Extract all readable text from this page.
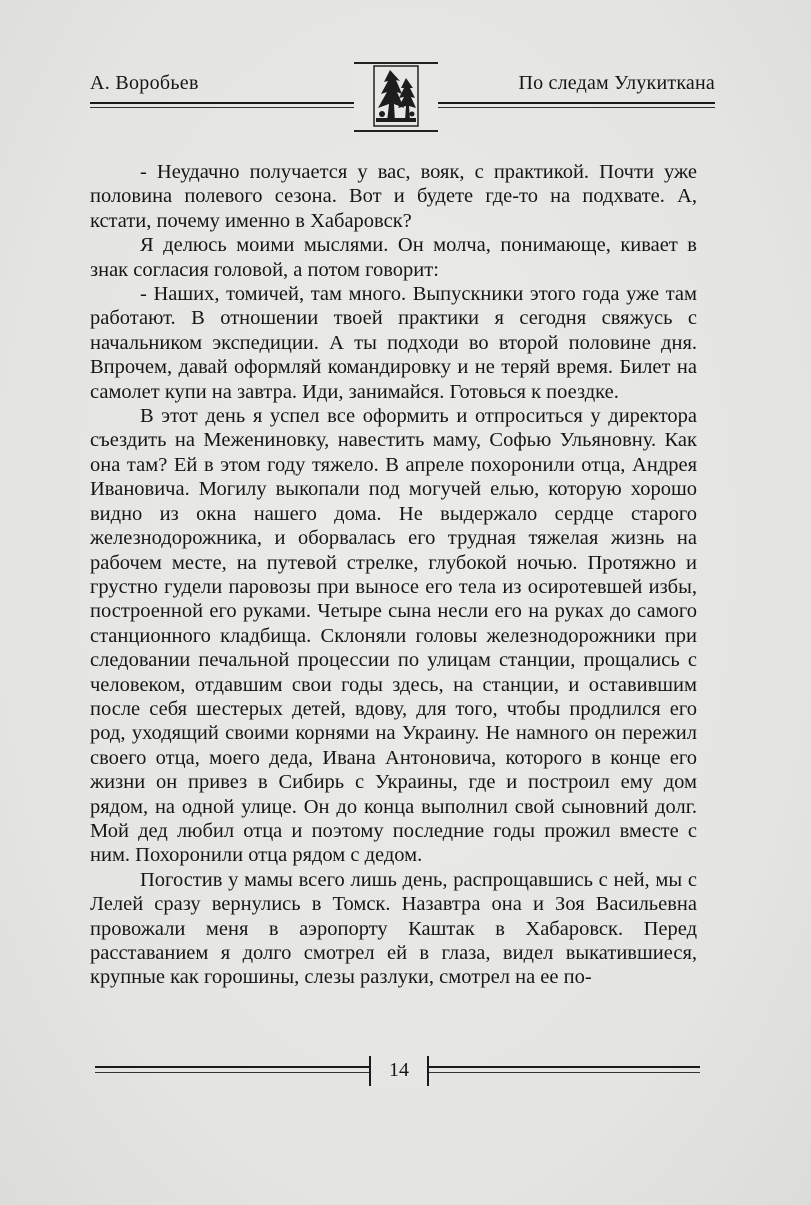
А. Воробьев	По следам Улукиткана

- Неудачно получается у вас, вояк, с практикой. Почти уже половина полевого сезона. Вот и будете где-то на подхвате. А, кстати, почему именно в Хабаровск?

Я делюсь моими мыслями. Он молча, понимающе, кивает в знак согласия головой, а потом говорит:

- Наших, томичей, там много. Выпускники этого года уже там работают. В отношении твоей практики я сегодня свяжусь с начальником экспедиции. А ты подходи во второй половине дня. Впрочем, давай оформляй командировку и не теряй время. Билет на самолет купи на завтра. Иди, занимайся. Готовься к поездке.

В этот день я успел все оформить и отпроситься у директора съездить на Межениновку, навестить маму, Софью Ульяновну. Как она там? Ей в этом году тяжело. В апреле похоронили отца, Андрея Ивановича. Могилу выкопали под могучей елью, которую хорошо видно из окна нашего дома. Не выдержало сердце старого железнодорожника, и оборвалась его трудная тяжелая жизнь на рабочем месте, на путевой стрелке, глубокой ночью. Протяжно и грустно гудели паровозы при выносе его тела из осиротевшей избы, построенной его руками. Четыре сына несли его на руках до самого станционного кладбища. Склоняли головы железнодорожники при следовании печальной процессии по улицам станции, прощались с человеком, отдавшим свои годы здесь, на станции, и оставившим после себя шестерых детей, вдову, для того, чтобы продлился его род, уходящий своими корнями на Украину. Не намного он пережил своего отца, моего деда, Ивана Антоновича, которого в конце его жизни он привез в Сибирь с Украины, где и построил ему дом рядом, на одной улице. Он до конца выполнил свой сыновний долг. Мой дед любил отца и поэтому последние годы прожил вместе с ним. Похоронили отца рядом с дедом.

Погостив у мамы всего лишь день, распрощавшись с ней, мы с Лелей сразу вернулись в Томск. Назавтра она и Зоя Васильевна провожали меня в аэропорту Каштак в Хабаровск. Перед расставанием я долго смотрел ей в глаза, видел выкатившиеся, крупные как горошины, слезы разлуки, смотрел на ее по-

14
